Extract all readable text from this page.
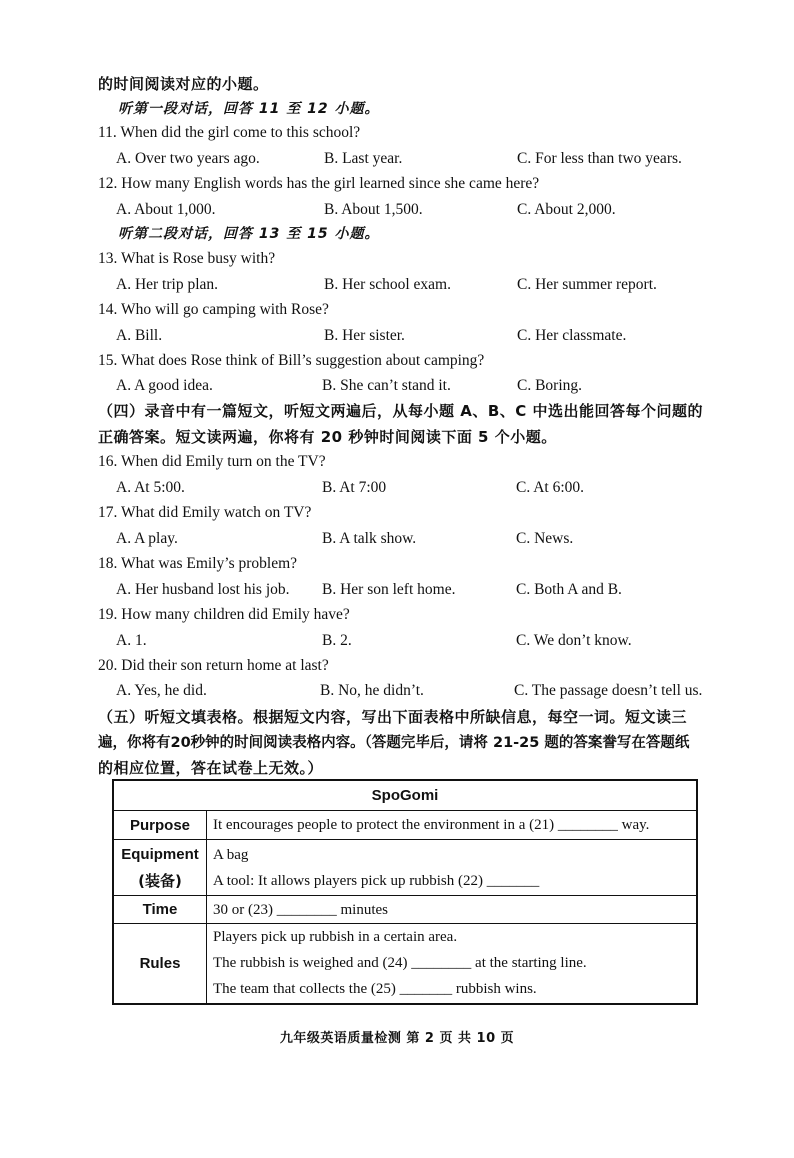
的时间阅读对应的小题。
听第一段对话，回答 11 至 12 小题。
11. When did the girl come to this school?
A. Over two years ago.	B. Last year.	C. For less than two years.
12. How many English words has the girl learned since she came here?
A. About 1,000.	B. About 1,500.	C. About 2,000.
听第二段对话，回答 13 至 15 小题。
13. What is Rose busy with?
A. Her trip plan.	B. Her school exam.	C. Her summer report.
14. Who will go camping with Rose?
A. Bill.	B. Her sister.	C. Her classmate.
15. What does Rose think of Bill’s suggestion about camping?
A. A good idea.	B. She can’t stand it.	C. Boring.
（四）录音中有一篇短文，听短文两遍后，从每小题 A、B、C 中选出能回答每个问题的
正确答案。短文读两遍，你将有 20 秒钟时间阅读下面 5 个小题。
16. When did Emily turn on the TV?
A. At 5:00.	B. At 7:00	C. At 6:00.
17. What did Emily watch on TV?
A. A play.	B. A talk show.	C. News.
18. What was Emily’s problem?
A. Her husband lost his job. B. Her son left home.	C. Both A and B.
19. How many children did Emily have?
A. 1.	B. 2.	C. We don’t know.
20. Did their son return home at last?
A. Yes, he did.	B. No, he didn’t.	C. The passage doesn’t tell us.
（五）听短文填表格。根据短文内容，写出下面表格中所缺信息，每空一词。短文读三
遍，你将有20秒钟的时间阅读表格内容。（答题完毕后，请将 21-25 题的答案誊写在答题纸
的相应位置，答在试卷上无效。）
SpoGomi	
Purpose	It encourages people to protect the environment in a (21) ________ way.

Equipment
(装备)	A bag
A tool: It allows players pick up rubbish (22) _______

Time	30 or (23) ________ minutes

Rules	Players pick up rubbish in a certain area.
The rubbish is weighed and (24) ________ at the starting line.
The team that collects the (25) _______ rubbish wins.
九年级英语质量检测 第 2 页 共 10 页
